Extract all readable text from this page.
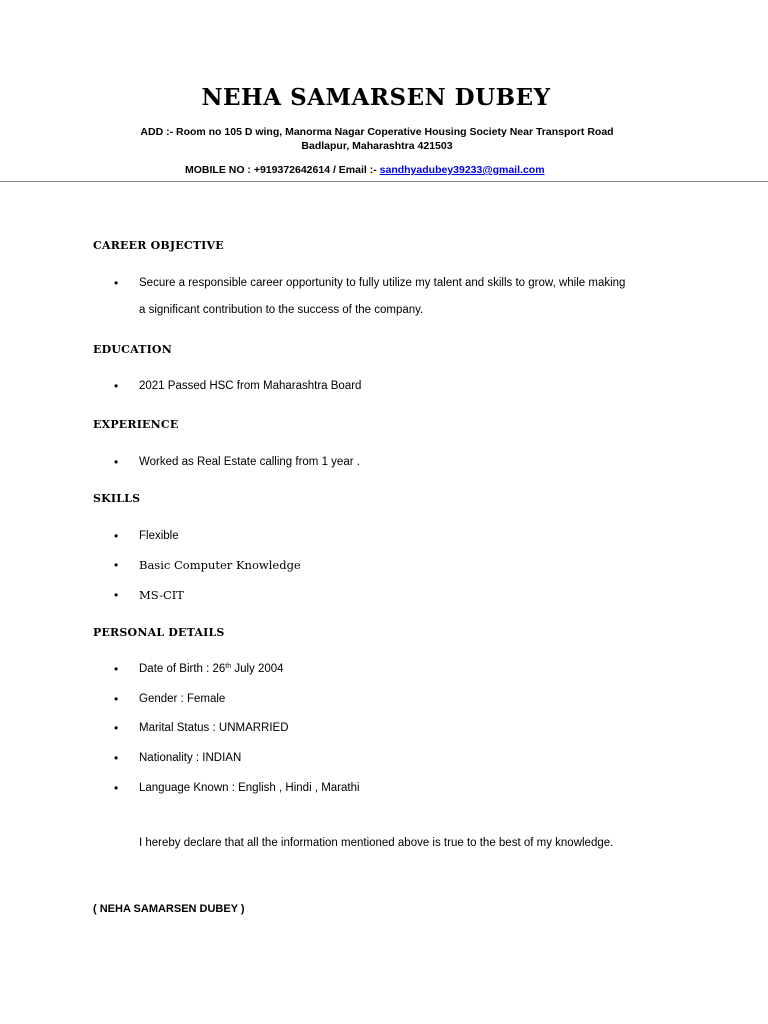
NEHA SAMARSEN DUBEY
ADD :- Room no 105 D wing, Manorma Nagar Coperative Housing Society Near Transport Road
Badlapur, Maharashtra 421503
MOBILE NO : +919372642614 / Email :- sandhyadubey39233@gmail.com
CAREER OBJECTIVE
• Secure a responsible career opportunity to fully utilize my talent and skills to grow, while making
a significant contribution to the success of the company.
EDUCATION
• 2021 Passed HSC from Maharashtra Board
EXPERIENCE
• Worked as Real Estate calling from 1 year .
SKILLS
• Flexible
• Basic Computer Knowledge
• MS-CIT
PERSONAL DETAILS
• Date of Birth : 26th July 2004
• Gender : Female
• Marital Status : UNMARRIED
• Nationality : INDIAN
• Language Known : English , Hindi , Marathi
I hereby declare that all the information mentioned above is true to the best of my knowledge.
( NEHA SAMARSEN DUBEY )
